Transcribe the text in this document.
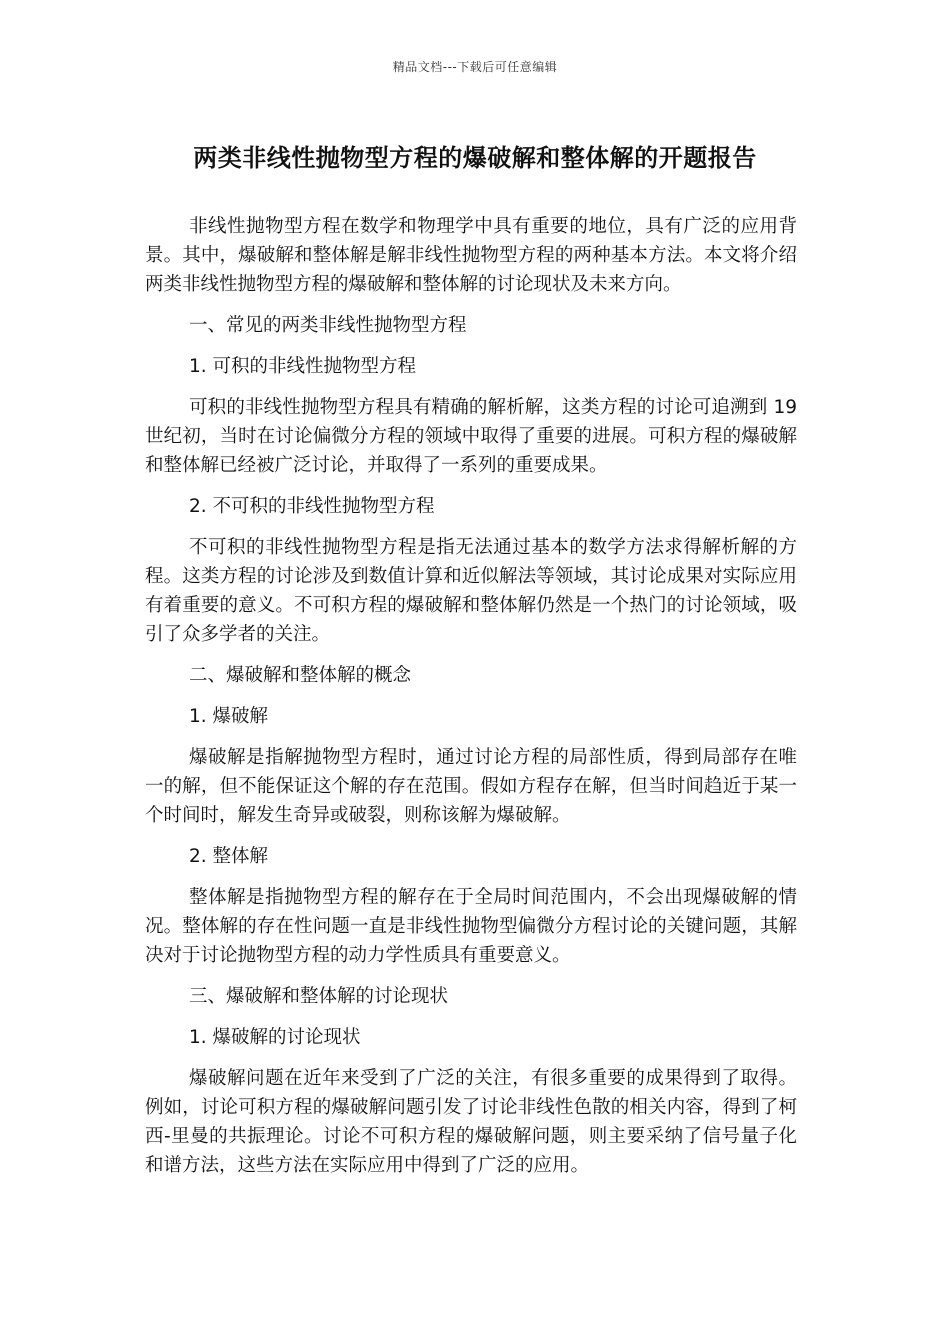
精品文档---下载后可任意编辑
两类非线性抛物型方程的爆破解和整体解的开题报告

非线性抛物型方程在数学和物理学中具有重要的地位，具有广泛的应用背景。其中，爆破解和整体解是解非线性抛物型方程的两种基本方法。本文将介绍两类非线性抛物型方程的爆破解和整体解的讨论现状及未来方向。

一、常见的两类非线性抛物型方程

1. 可积的非线性抛物型方程

可积的非线性抛物型方程具有精确的解析解，这类方程的讨论可追溯到 19 世纪初，当时在讨论偏微分方程的领域中取得了重要的进展。可积方程的爆破解和整体解已经被广泛讨论，并取得了一系列的重要成果。

2. 不可积的非线性抛物型方程

不可积的非线性抛物型方程是指无法通过基本的数学方法求得解析解的方程。这类方程的讨论涉及到数值计算和近似解法等领域，其讨论成果对实际应用有着重要的意义。不可积方程的爆破解和整体解仍然是一个热门的讨论领域，吸引了众多学者的关注。

二、爆破解和整体解的概念

1. 爆破解

爆破解是指解抛物型方程时，通过讨论方程的局部性质，得到局部存在唯一的解，但不能保证这个解的存在范围。假如方程存在解，但当时间趋近于某一个时间时，解发生奇异或破裂，则称该解为爆破解。

2. 整体解

整体解是指抛物型方程的解存在于全局时间范围内，不会出现爆破解的情况。整体解的存在性问题一直是非线性抛物型偏微分方程讨论的关键问题，其解决对于讨论抛物型方程的动力学性质具有重要意义。

三、爆破解和整体解的讨论现状

1. 爆破解的讨论现状

爆破解问题在近年来受到了广泛的关注，有很多重要的成果得到了取得。例如，讨论可积方程的爆破解问题引发了讨论非线性色散的相关内容，得到了柯西-里曼的共振理论。讨论不可积方程的爆破解问题，则主要采纳了信号量子化和谱方法，这些方法在实际应用中得到了广泛的应用。
